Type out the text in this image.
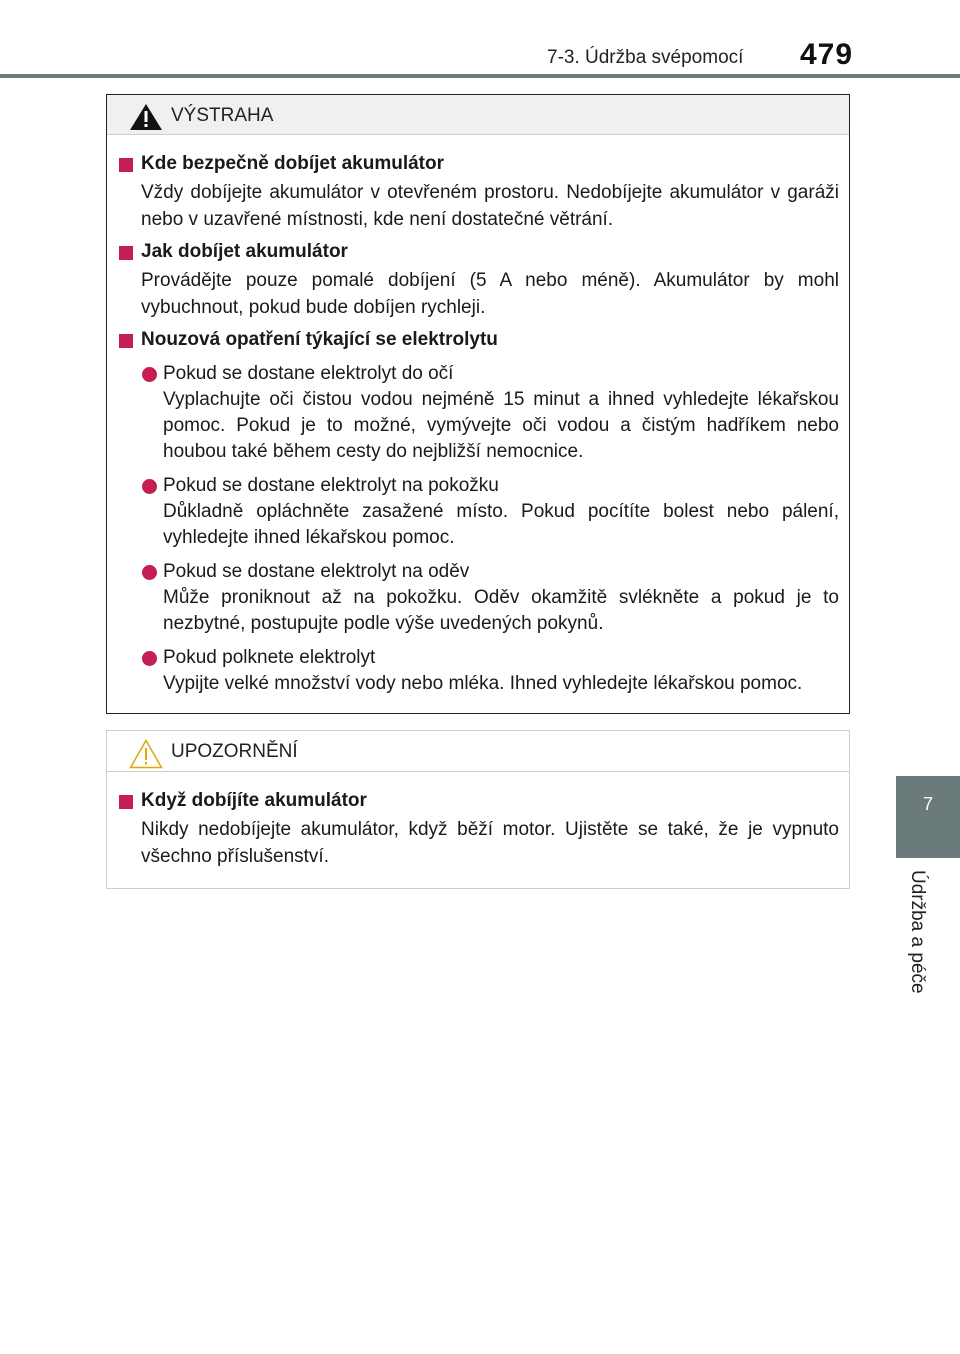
7-3. Údržba svépomocí 479
7
Údržba a péče
VÝSTRAHA
Kde bezpečně dobíjet akumulátor
Vždy dobíjejte akumulátor v otevřeném prostoru. Nedobíjejte akumulátor v garáži nebo v uzavřené místnosti, kde není dostatečné větrání.
Jak dobíjet akumulátor
Provádějte pouze pomalé dobíjení (5 A nebo méně). Akumulátor by mohl vybuchnout, pokud bude dobíjen rychleji.
Nouzová opatření týkající se elektrolytu
Pokud se dostane elektrolyt do očí
Vyplachujte oči čistou vodou nejméně 15 minut a ihned vyhledejte lékařskou pomoc. Pokud je to možné, vymývejte oči vodou a čistým hadříkem nebo houbou také během cesty do nejbližší nemocnice.
Pokud se dostane elektrolyt na pokožku
Důkladně opláchněte zasažené místo. Pokud pocítíte bolest nebo pálení, vyhledejte ihned lékařskou pomoc.
Pokud se dostane elektrolyt na oděv
Může proniknout až na pokožku. Oděv okamžitě svlékněte a pokud je to nezbytné, postupujte podle výše uvedených pokynů.
Pokud polknete elektrolyt
Vypijte velké množství vody nebo mléka. Ihned vyhledejte lékařskou pomoc.
UPOZORNĚNÍ
Když dobíjíte akumulátor
Nikdy nedobíjejte akumulátor, když běží motor. Ujistěte se také, že je vypnuto všechno příslušenství.
